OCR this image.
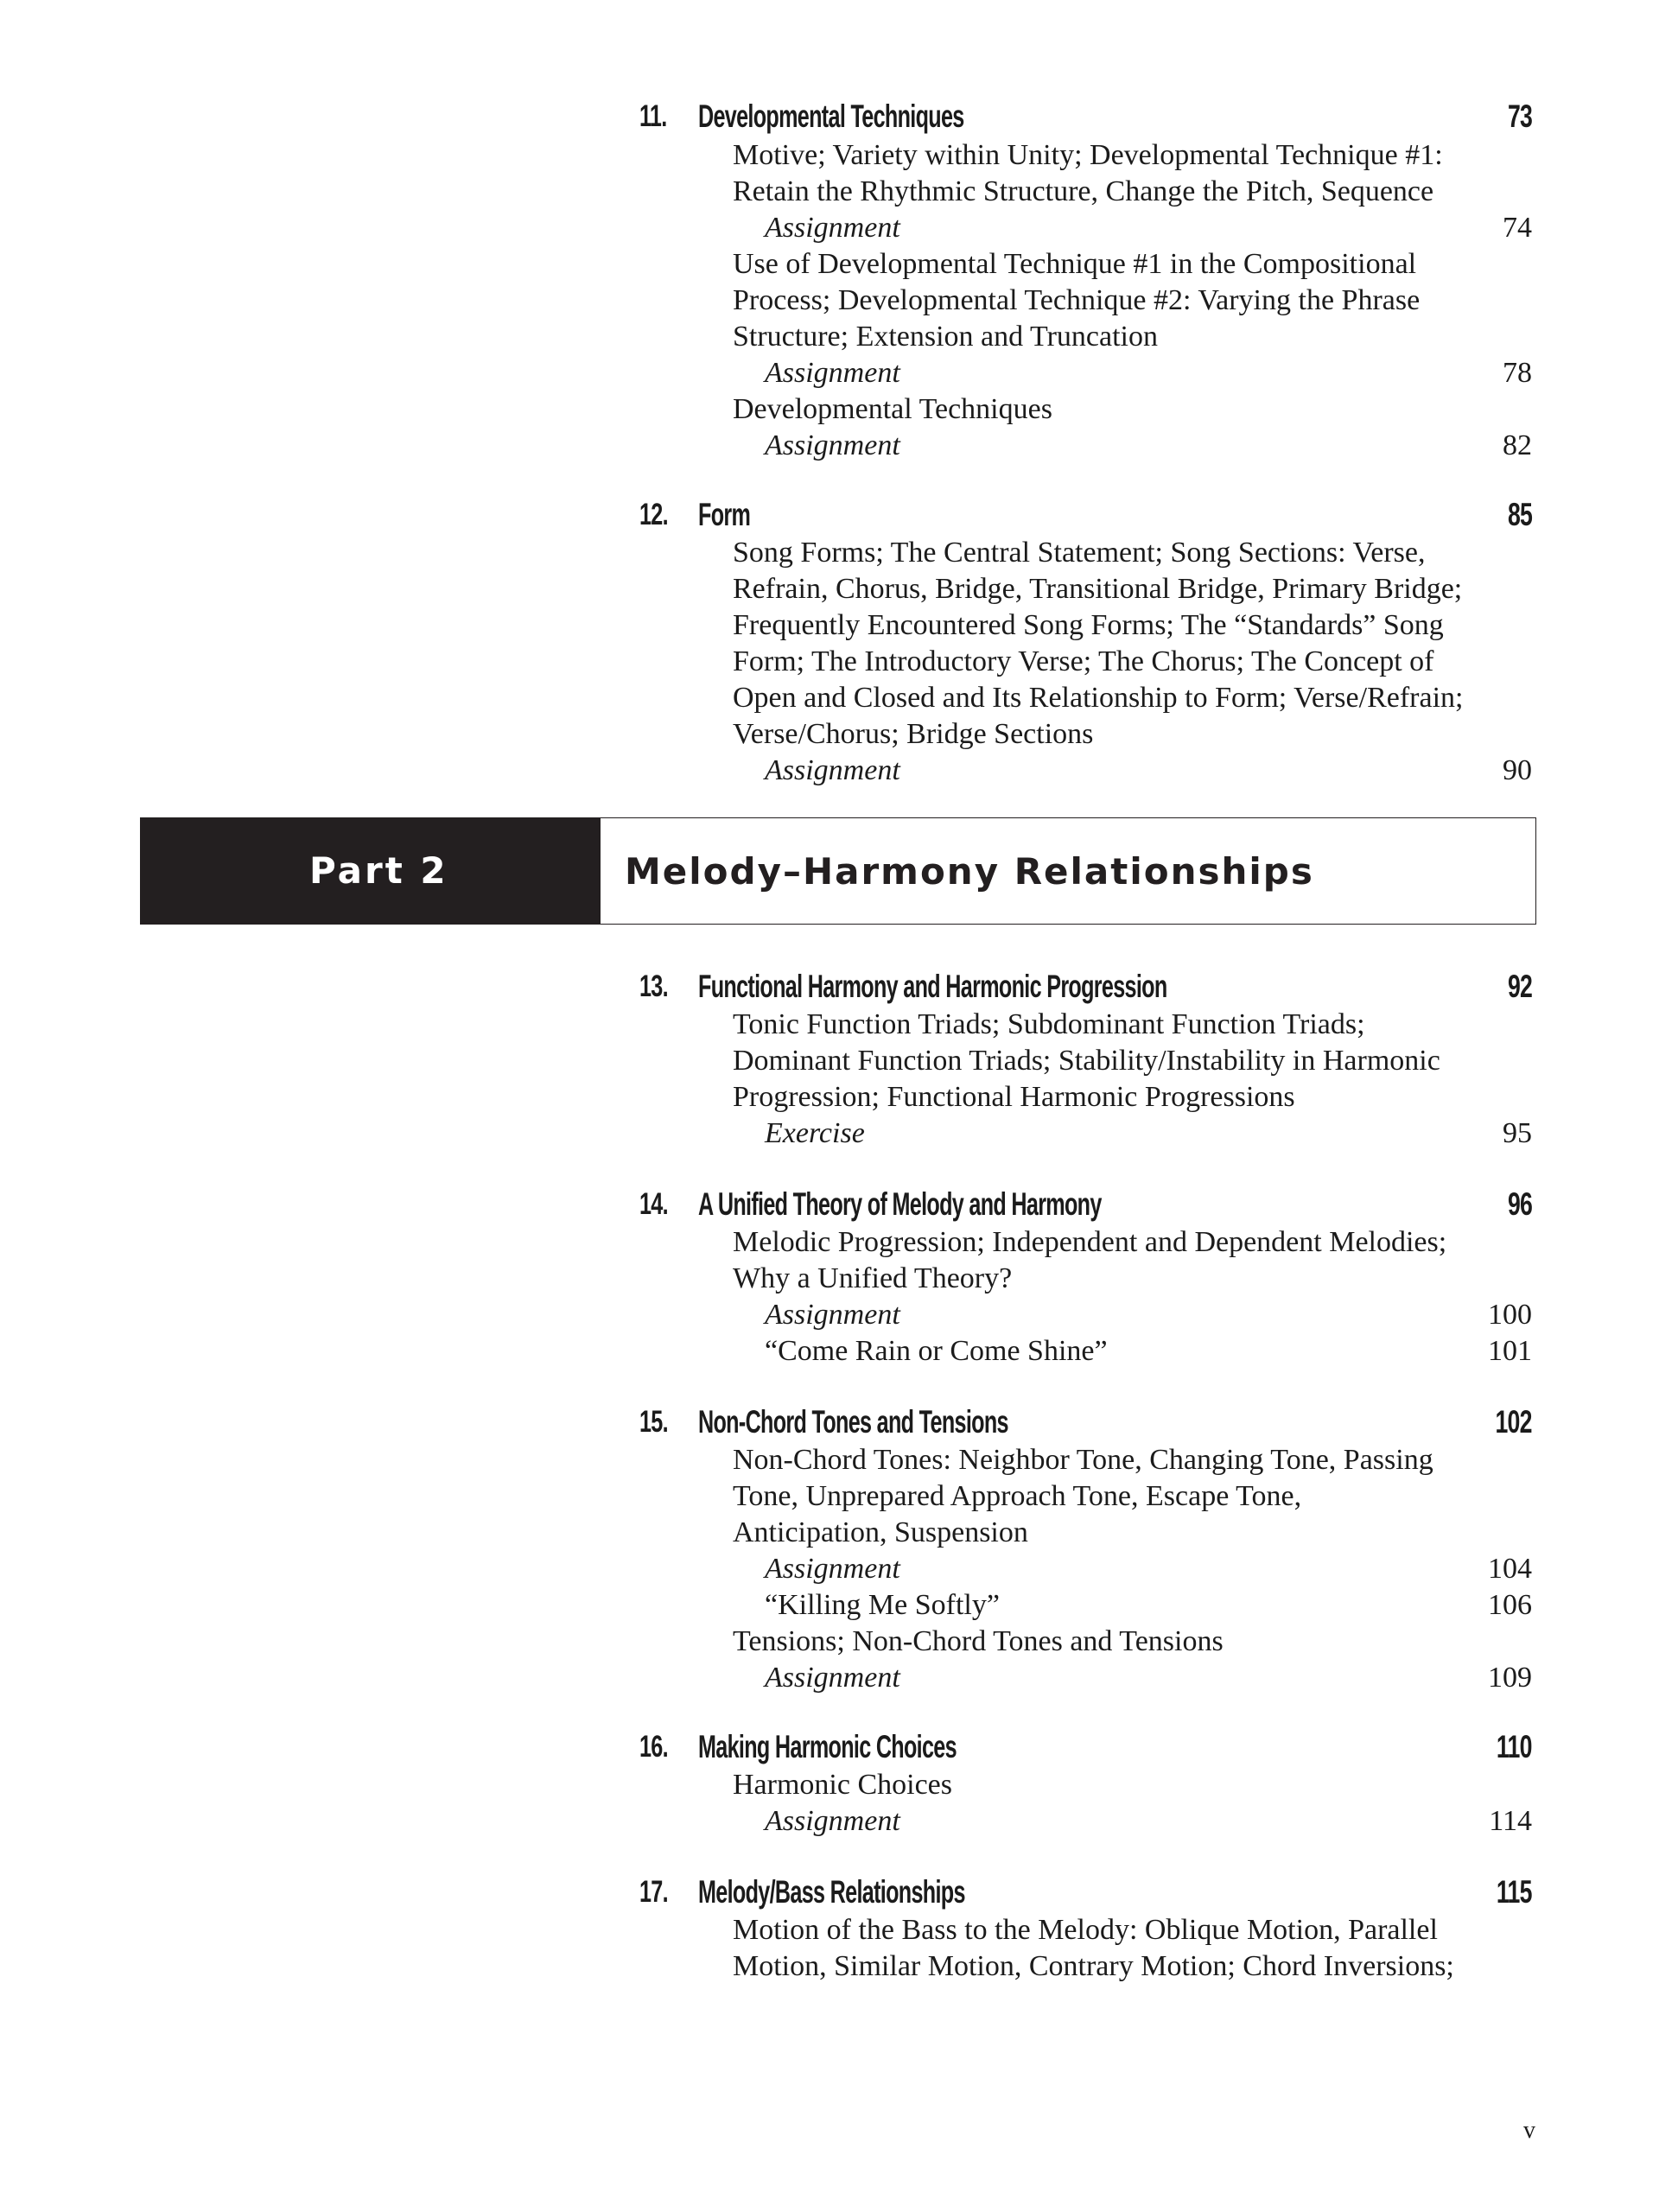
11. Developmental Techniques	73
Motive; Variety within Unity; Developmental Technique #1:
Retain the Rhythmic Structure, Change the Pitch, Sequence
Assignment	74
Use of Developmental Technique #1 in the Compositional
Process; Developmental Technique #2: Varying the Phrase
Structure; Extension and Truncation
Assignment	78
Developmental Techniques
Assignment	82
12. Form	85
Song Forms; The Central Statement; Song Sections: Verse,
Refrain, Chorus, Bridge, Transitional Bridge, Primary Bridge;
Frequently Encountered Song Forms; The “Standards” Song
Form; The Introductory Verse; The Chorus; The Concept of
Open and Closed and Its Relationship to Form; Verse/Refrain;
Verse/Chorus; Bridge Sections
Assignment	90
Part 2	Melody–Harmony Relationships
13. Functional Harmony and Harmonic Progression	92
Tonic Function Triads; Subdominant Function Triads;
Dominant Function Triads; Stability/Instability in Harmonic
Progression; Functional Harmonic Progressions
Exercise	95
14. A Unified Theory of Melody and Harmony	96
Melodic Progression; Independent and Dependent Melodies;
Why a Unified Theory?
Assignment	100
“Come Rain or Come Shine”	101
15. Non-Chord Tones and Tensions	102
Non-Chord Tones: Neighbor Tone, Changing Tone, Passing
Tone, Unprepared Approach Tone, Escape Tone,
Anticipation, Suspension
Assignment	104
“Killing Me Softly”	106
Tensions; Non-Chord Tones and Tensions
Assignment	109
16. Making Harmonic Choices	110
Harmonic Choices
Assignment	114
17. Melody/Bass Relationships	115
Motion of the Bass to the Melody: Oblique Motion, Parallel
Motion, Similar Motion, Contrary Motion; Chord Inversions;
v
